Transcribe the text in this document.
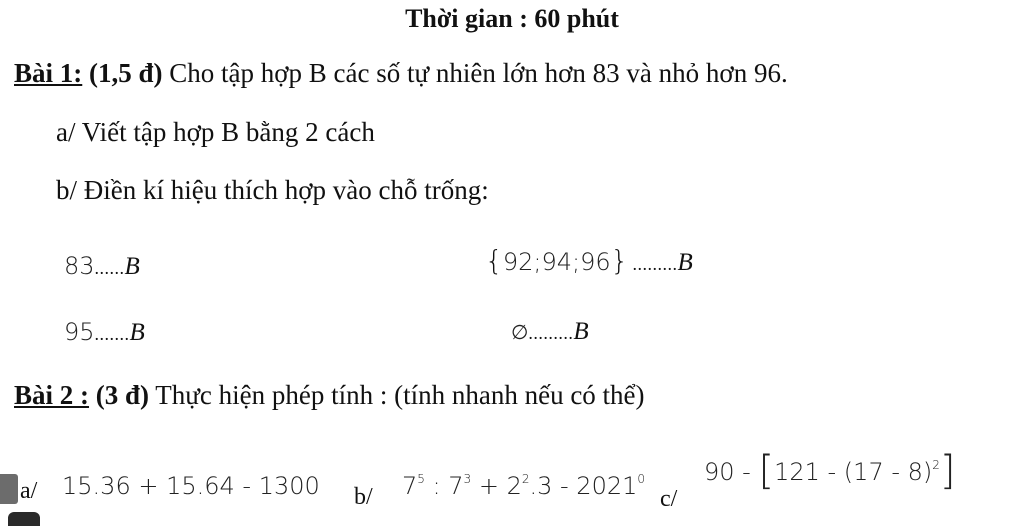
Thời gian : 60 phút
Bài 1: (1,5 đ) Cho tập hợp B các số tự nhiên lớn hơn 83 và nhỏ hơn 96.
a/ Viết tập hợp B bằng 2 cách
b/ Điền kí hiệu thích hợp vào chỗ trống:
83......B	{92;94;96} .........B
95.......B	∅.........B
Bài 2 : (3 đ) Thực hiện phép tính : (tính nhanh nếu có thể)
a/ 15.36 + 15.64 - 1300 b/ $7^5$ : $7^3 + 2^2.3 - 2021^0$
c/
90 - [121 - (17 - 8)$^2$]
